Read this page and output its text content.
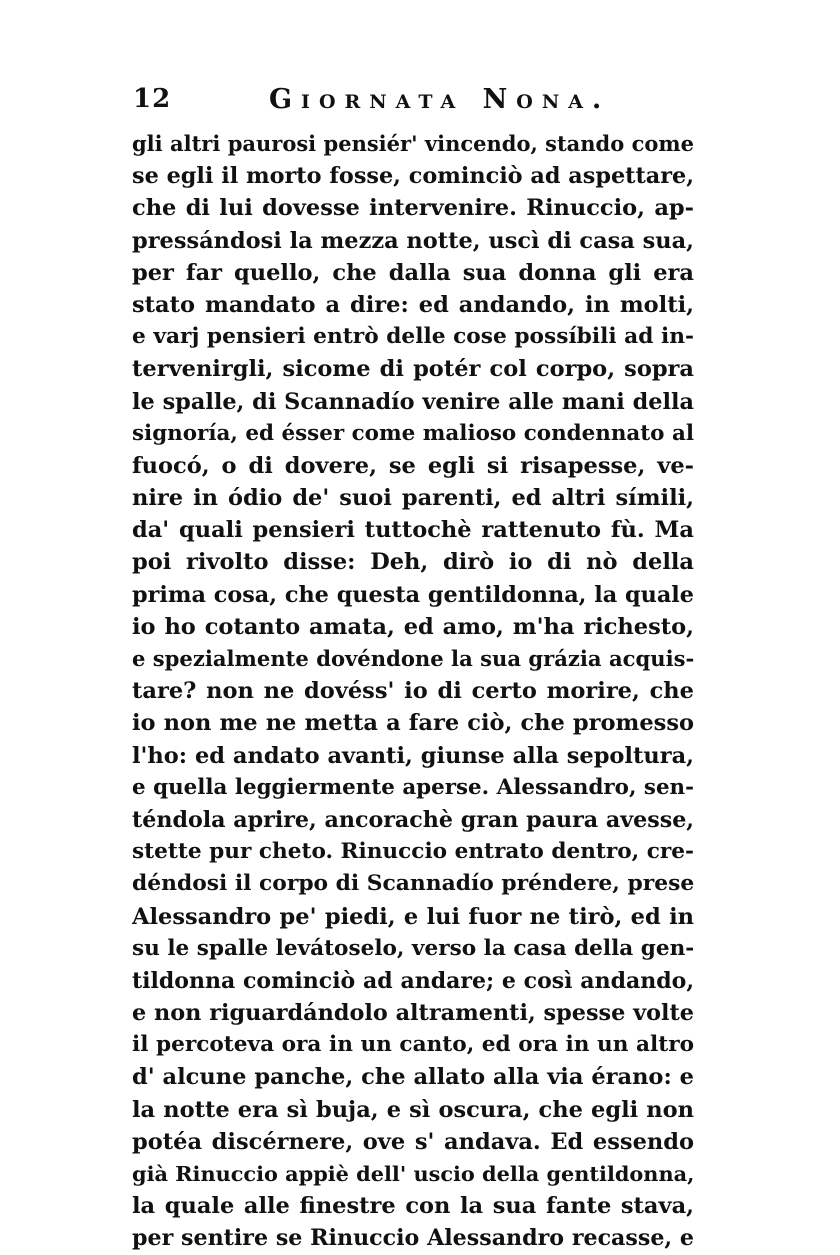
12	Giornata Nona.
gli altri paurosi pensiér' vincendo, stando come
se egli il morto fosse, cominciò ad aspettare,
che di lui dovesse intervenire. Rinuccio, ap-
pressándosi la mezza notte, uscì di casa sua,
per far quello, che dalla sua donna gli era
stato mandato a dire: ed andando, in molti,
e varj pensieri entrò delle cose possíbili ad in-
tervenirgli, sicome di potér col corpo, sopra
le spalle, di Scannadío venire alle mani della
signoría, ed ésser come malioso condennato al
fuocó, o di dovere, se egli si risapesse, ve-
nire in ódio de' suoi parenti, ed altri símili,
da' quali pensieri tuttochè rattenuto fù. Ma
poi rivolto disse: Deh, dirò io di nò della
prima cosa, che questa gentildonna, la quale
io ho cotanto amata, ed amo, m'ha richesto,
e spezialmente dovéndone la sua grázia acquis-
tare? non ne dovéss' io di certo morire, che
io non me ne metta a fare ciò, che promesso
l'ho: ed andato avanti, giunse alla sepoltura,
e quella leggiermente aperse. Alessandro, sen-
téndola aprire, ancorachè gran paura avesse,
stette pur cheto. Rinuccio entrato dentro, cre-
déndosi il corpo di Scannadío préndere, prese
Alessandro pe' piedi, e lui fuor ne tirò, ed in
su le spalle levátoselo, verso la casa della gen-
tildonna cominciò ad andare; e così andando,
e non riguardándolo altramenti, spesse volte
il percoteva ora in un canto, ed ora in un altro
d' alcune panche, che allato alla via érano: e
la notte era sì buja, e sì oscura, che egli non
potéa discérnere, ove s' andava. Ed essendo
già Rinuccio appiè dell' uscio della gentildonna,
la quale alle finestre con la sua fante stava,
per sentire se Rinuccio Alessandro recasse, e
